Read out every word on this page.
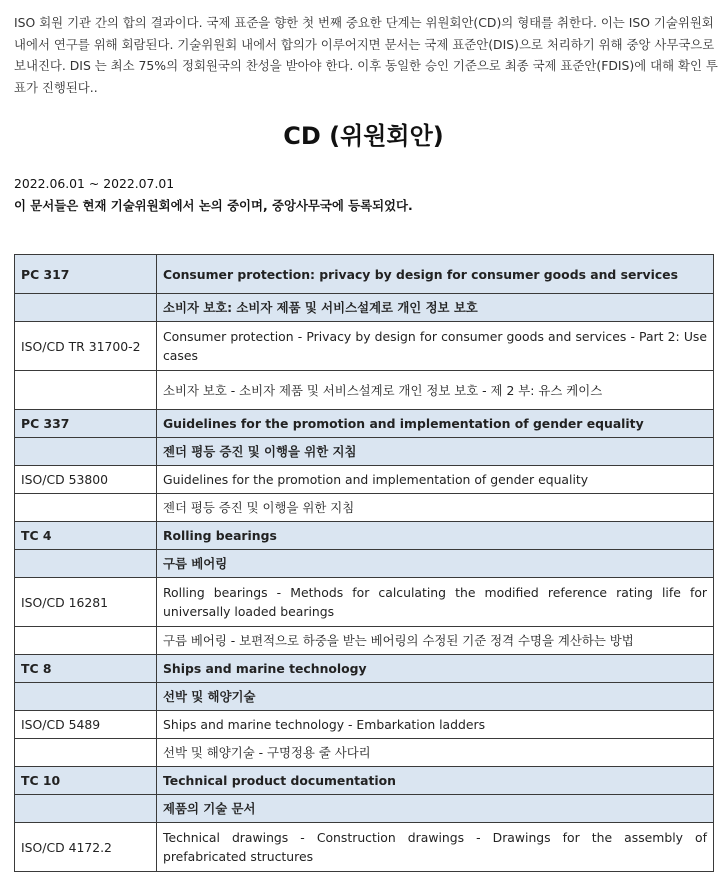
ISO 회원 기관 간의 합의 결과이다. 국제 표준을 향한 첫 번째 중요한 단계는 위원회안(CD)의 형태를 취한다. 이는 ISO 기술위원회 내에서 연구를 위해 회람된다. 기술위원회 내에서 합의가 이루어지면 문서는 국제 표준안(DIS)으로 처리하기 위해 중앙 사무국으로 보내진다. DIS 는 최소 75%의 정회원국의 찬성을 받아야 한다. 이후 동일한 승인 기준으로 최종 국제 표준안(FDIS)에 대해 확인 투표가 진행된다..

CD (위원회안)
2022.06.01 ~ 2022.07.01
이 문서들은 현재 기술위원회에서 논의 중이며, 중앙사무국에 등록되었다.
PC 317	Consumer protection: privacy by design for consumer goods and services
	소비자 보호: 소비자 제품 및 서비스설계로 개인 정보 보호
ISO/CD TR 31700-2	Consumer protection - Privacy by design for consumer goods and services - Part 2: Use cases
	소비자 보호 - 소비자 제품 및 서비스설계로 개인 정보 보호 - 제 2 부: 유스 케이스
PC 337	Guidelines for the promotion and implementation of gender equality
	젠더 평등 증진 및 이행을 위한 지침
ISO/CD 53800	Guidelines for the promotion and implementation of gender equality
	젠더 평등 증진 및 이행을 위한 지침
TC 4	Rolling bearings
	구름 베어링
ISO/CD 16281	Rolling bearings - Methods for calculating the modified reference rating life for universally loaded bearings
	구름 베어링 - 보편적으로 하중을 받는 베어링의 수정된 기준 정격 수명을 계산하는 방법
TC 8	Ships and marine technology
	선박 및 해양기술
ISO/CD 5489	Ships and marine technology - Embarkation ladders
	선박 및 해양기술 - 구명정용 줄 사다리
TC 10	Technical product documentation
	제품의 기술 문서
ISO/CD 4172.2	Technical drawings - Construction drawings - Drawings for the assembly of prefabricated structures
